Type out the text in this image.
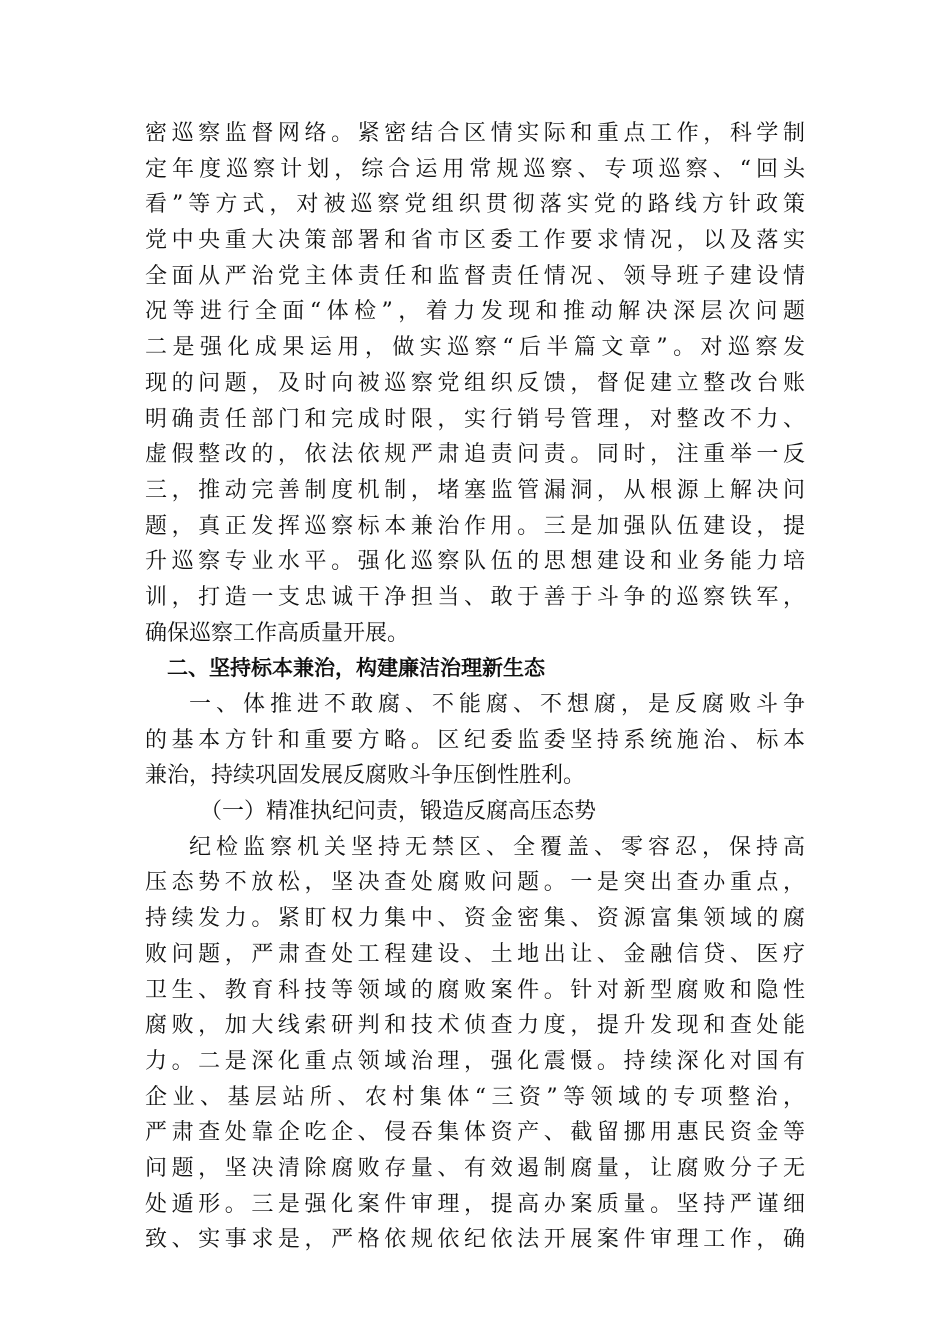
密巡察监督网络。紧密结合区情实际和重点工作，科学制
定年度巡察计划，综合运用常规巡察、专项巡察、“回头
看”等方式，对被巡察党组织贯彻落实党的路线方针政策
党中央重大决策部署和省市区委工作要求情况，以及落实
全面从严治党主体责任和监督责任情况、领导班子建设情
况等进行全面“体检”，着力发现和推动解决深层次问题
二是强化成果运用，做实巡察“后半篇文章”。对巡察发
现的问题，及时向被巡察党组织反馈，督促建立整改台账
明确责任部门和完成时限，实行销号管理，对整改不力、
虚假整改的，依法依规严肃追责问责。同时，注重举一反
三，推动完善制度机制，堵塞监管漏洞，从根源上解决问
题，真正发挥巡察标本兼治作用。三是加强队伍建设，提
升巡察专业水平。强化巡察队伍的思想建设和业务能力培
训，打造一支忠诚干净担当、敢于善于斗争的巡察铁军，
确保巡察工作高质量开展。
二、坚持标本兼治，构建廉洁治理新生态
一、体推进不敢腐、不能腐、不想腐，是反腐败斗争
的基本方针和重要方略。区纪委监委坚持系统施治、标本
兼治，持续巩固发展反腐败斗争压倒性胜利。
（一）精准执纪问责，锻造反腐高压态势
纪检监察机关坚持无禁区、全覆盖、零容忍，保持高
压态势不放松，坚决查处腐败问题。一是突出查办重点，
持续发力。紧盯权力集中、资金密集、资源富集领域的腐
败问题，严肃查处工程建设、土地出让、金融信贷、医疗
卫生、教育科技等领域的腐败案件。针对新型腐败和隐性
腐败，加大线索研判和技术侦查力度，提升发现和查处能
力。二是深化重点领域治理，强化震慑。持续深化对国有
企业、基层站所、农村集体“三资”等领域的专项整治，
严肃查处靠企吃企、侵吞集体资产、截留挪用惠民资金等
问题，坚决清除腐败存量、有效遏制腐量，让腐败分子无
处遁形。三是强化案件审理，提高办案质量。坚持严谨细
致、实事求是，严格依规依纪依法开展案件审理工作，确
